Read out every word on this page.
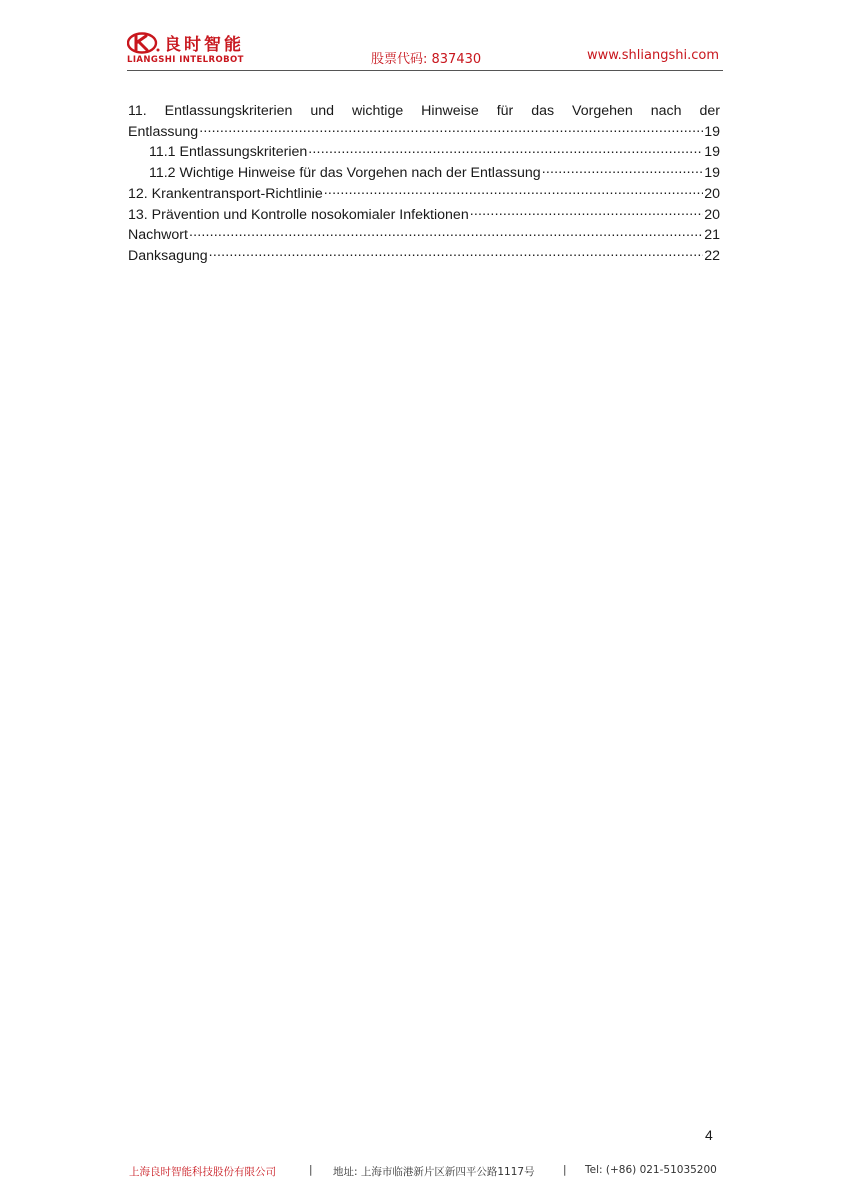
良时智能
LIANGSHI INTELROBOT	股票代码: 837430	www.shliangshi.com
11. Entlassungskriterien und wichtige Hinweise für das Vorgehen nach der
Entlassung .....	19
11.1 Entlassungskriterien .....	19
11.2 Wichtige Hinweise für das Vorgehen nach der Entlassung .....	19
12. Krankentransport-Richtlinie .....	20
13. Prävention und Kontrolle nosokomialer Infektionen .....	20
Nachwort .....	21
Danksagung .....	22
4
上海良时智能科技股份有限公司	| 地址: 上海市临港新片区新四平公路1117号	| Tel: (+86) 021-51035200
